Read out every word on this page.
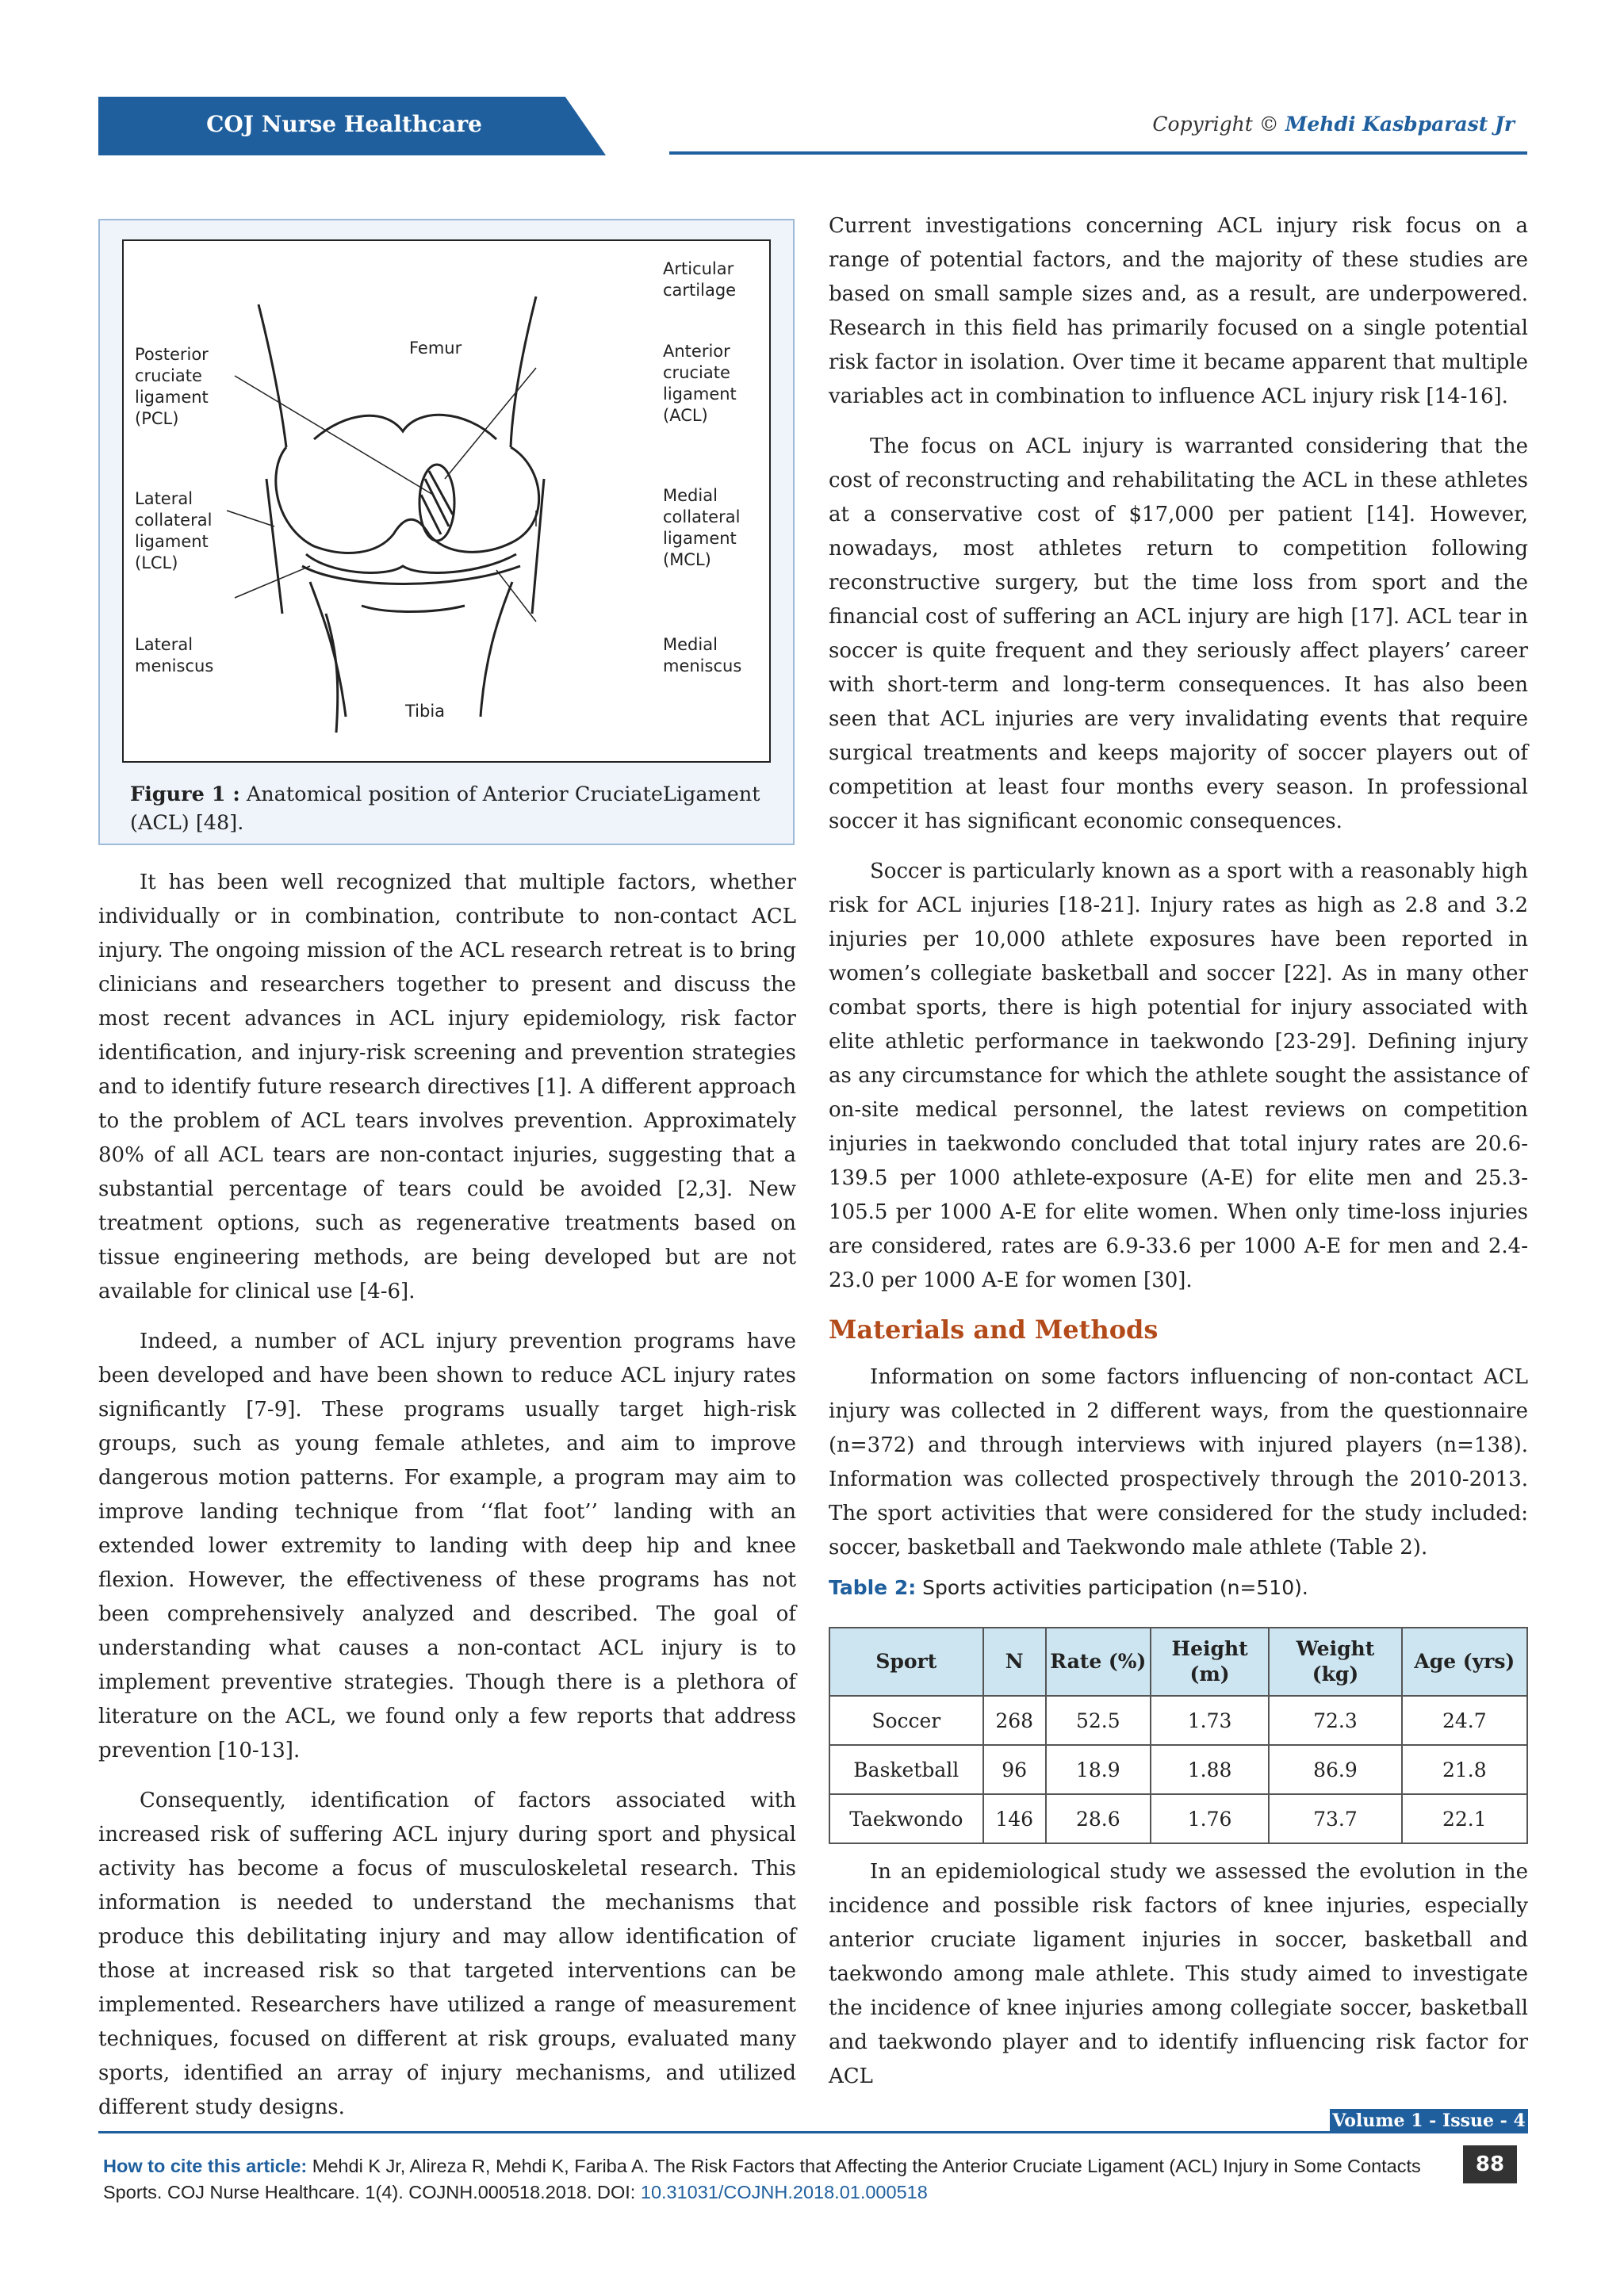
COJ Nurse Healthcare	Copyright © Mehdi Kasbparast Jr
Articular
cartilage
Femur
Posterior
cruciate
ligament
(PCL)
Anterior
cruciate
ligament
(ACL)
Lateral
collateral
ligament
(LCL)
Medial
collateral
ligament
(MCL)
Lateral
meniscus
Medial
meniscus
Tibia
Figure 1 : Anatomical position of Anterior CruciateLigament (ACL) [48].

It has been well recognized that multiple factors, whether individually or in combination, contribute to non-contact ACL injury. The ongoing mission of the ACL research retreat is to bring clinicians and researchers together to present and discuss the most recent advances in ACL injury epidemiology, risk factor identification, and injury-risk screening and prevention strategies and to identify future research directives [1]. A different approach to the problem of ACL tears involves prevention. Approximately 80% of all ACL tears are non-contact injuries, suggesting that a substantial percentage of tears could be avoided [2,3]. New treatment options, such as regenerative treatments based on tissue engineering methods, are being developed but are not available for clinical use [4-6].

Indeed, a number of ACL injury prevention programs have been developed and have been shown to reduce ACL injury rates significantly [7-9]. These programs usually target high-risk groups, such as young female athletes, and aim to improve dangerous motion patterns. For example, a program may aim to improve landing technique from ‘‘flat foot’’ landing with an extended lower extremity to landing with deep hip and knee flexion. However, the effectiveness of these programs has not been comprehensively analyzed and described. The goal of understanding what causes a non-contact ACL injury is to implement preventive strategies. Though there is a plethora of literature on the ACL, we found only a few reports that address prevention [10-13].

Consequently, identification of factors associated with increased risk of suffering ACL injury during sport and physical activity has become a focus of musculoskeletal research. This information is needed to understand the mechanisms that produce this debilitating injury and may allow identification of those at increased risk so that targeted interventions can be implemented. Researchers have utilized a range of measurement techniques, focused on different at risk groups, evaluated many sports, identified an array of injury mechanisms, and utilized different study designs.

Current investigations concerning ACL injury risk focus on a range of potential factors, and the majority of these studies are based on small sample sizes and, as a result, are underpowered. Research in this field has primarily focused on a single potential risk factor in isolation. Over time it became apparent that multiple variables act in combination to influence ACL injury risk [14-16].

The focus on ACL injury is warranted considering that the cost of reconstructing and rehabilitating the ACL in these athletes at a conservative cost of $17,000 per patient [14]. However, nowadays, most athletes return to competition following reconstructive surgery, but the time loss from sport and the financial cost of suffering an ACL injury are high [17]. ACL tear in soccer is quite frequent and they seriously affect players’ career with short-term and long-term consequences. It has also been seen that ACL injuries are very invalidating events that require surgical treatments and keeps majority of soccer players out of competition at least four months every season. In professional soccer it has significant economic consequences.

Soccer is particularly known as a sport with a reasonably high risk for ACL injuries [18-21]. Injury rates as high as 2.8 and 3.2 injuries per 10,000 athlete exposures have been reported in women’s collegiate basketball and soccer [22]. As in many other combat sports, there is high potential for injury associated with elite athletic performance in taekwondo [23-29]. Defining injury as any circumstance for which the athlete sought the assistance of on-site medical personnel, the latest reviews on competition injuries in taekwondo concluded that total injury rates are 20.6-139.5 per 1000 athlete-exposure (A-E) for elite men and 25.3-105.5 per 1000 A-E for elite women. When only time-loss injuries are considered, rates are 6.9-33.6 per 1000 A-E for men and 2.4-23.0 per 1000 A-E for women [30].

Materials and Methods

Information on some factors influencing of non-contact ACL injury was collected in 2 different ways, from the questionnaire (n=372) and through interviews with injured players (n=138). Information was collected prospectively through the 2010-2013. The sport activities that were considered for the study included: soccer, basketball and Taekwondo male athlete (Table 2).

Table 2: Sports activities participation (n=510).
Sport	N	Rate (%)	Height (m)	Weight (kg)	Age (yrs)
Soccer	268	52.5	1.73	72.3	24.7
Basketball	96	18.9	1.88	86.9	21.8
Taekwondo	146	28.6	1.76	73.7	22.1

In an epidemiological study we assessed the evolution in the incidence and possible risk factors of knee injuries, especially anterior cruciate ligament injuries in soccer, basketball and taekwondo among male athlete. This study aimed to investigate the incidence of knee injuries among collegiate soccer, basketball and taekwondo player and to identify influencing risk factor for ACL

Volume 1 - Issue - 4
How to cite this article: Mehdi K Jr, Alireza R, Mehdi K, Fariba A. The Risk Factors that Affecting the Anterior Cruciate Ligament (ACL) Injury in Some Contacts Sports. COJ Nurse Healthcare. 1(4). COJNH.000518.2018. DOI: 10.31031/COJNH.2018.01.000518
88
